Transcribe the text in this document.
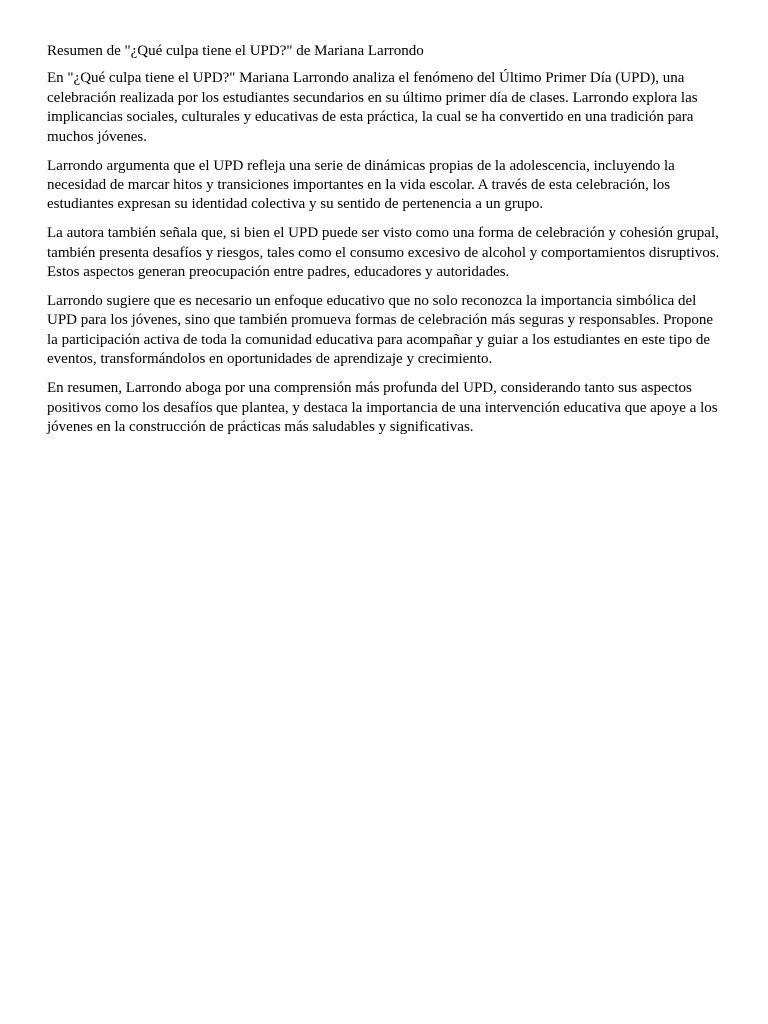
Resumen de "¿Qué culpa tiene el UPD?" de Mariana Larrondo

En "¿Qué culpa tiene el UPD?" Mariana Larrondo analiza el fenómeno del Último Primer Día (UPD), una celebración realizada por los estudiantes secundarios en su último primer día de clases. Larrondo explora las implicancias sociales, culturales y educativas de esta práctica, la cual se ha convertido en una tradición para muchos jóvenes.

Larrondo argumenta que el UPD refleja una serie de dinámicas propias de la adolescencia, incluyendo la necesidad de marcar hitos y transiciones importantes en la vida escolar. A través de esta celebración, los estudiantes expresan su identidad colectiva y su sentido de pertenencia a un grupo.

La autora también señala que, si bien el UPD puede ser visto como una forma de celebración y cohesión grupal, también presenta desafíos y riesgos, tales como el consumo excesivo de alcohol y comportamientos disruptivos. Estos aspectos generan preocupación entre padres, educadores y autoridades.

Larrondo sugiere que es necesario un enfoque educativo que no solo reconozca la importancia simbólica del UPD para los jóvenes, sino que también promueva formas de celebración más seguras y responsables. Propone la participación activa de toda la comunidad educativa para acompañar y guiar a los estudiantes en este tipo de eventos, transformándolos en oportunidades de aprendizaje y crecimiento.

En resumen, Larrondo aboga por una comprensión más profunda del UPD, considerando tanto sus aspectos positivos como los desafíos que plantea, y destaca la importancia de una intervención educativa que apoye a los jóvenes en la construcción de prácticas más saludables y significativas.
